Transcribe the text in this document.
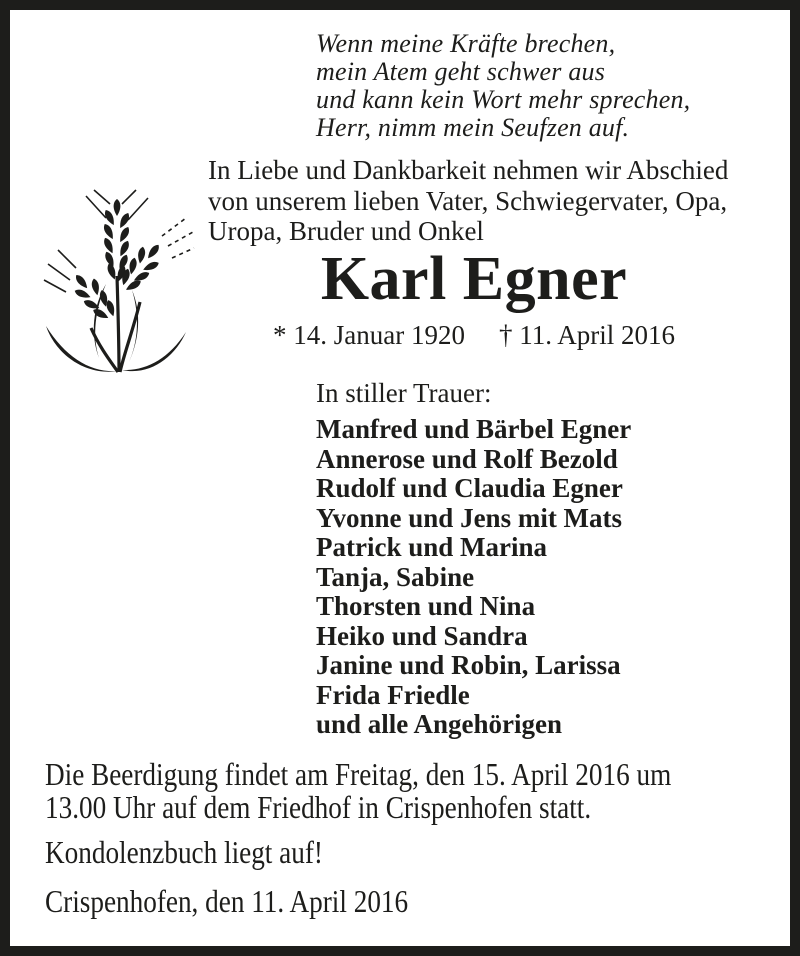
Wenn meine Kräfte brechen,
mein Atem geht schwer aus
und kann kein Wort mehr sprechen,
Herr, nimm mein Seufzen auf.
In Liebe und Dankbarkeit nehmen wir Abschied
von unserem lieben Vater, Schwiegervater, Opa,
Uropa, Bruder und Onkel
Karl Egner
* 14. Januar 1920 † 11. April 2016
In stiller Trauer:
Manfred und Bärbel Egner
Annerose und Rolf Bezold
Rudolf und Claudia Egner
Yvonne und Jens mit Mats
Patrick und Marina
Tanja, Sabine
Thorsten und Nina
Heiko und Sandra
Janine und Robin, Larissa
Frida Friedle
und alle Angehörigen
Die Beerdigung findet am Freitag, den 15. April 2016 um
13.00 Uhr auf dem Friedhof in Crispenhofen statt.
Kondolenzbuch liegt auf!
Crispenhofen, den 11. April 2016
